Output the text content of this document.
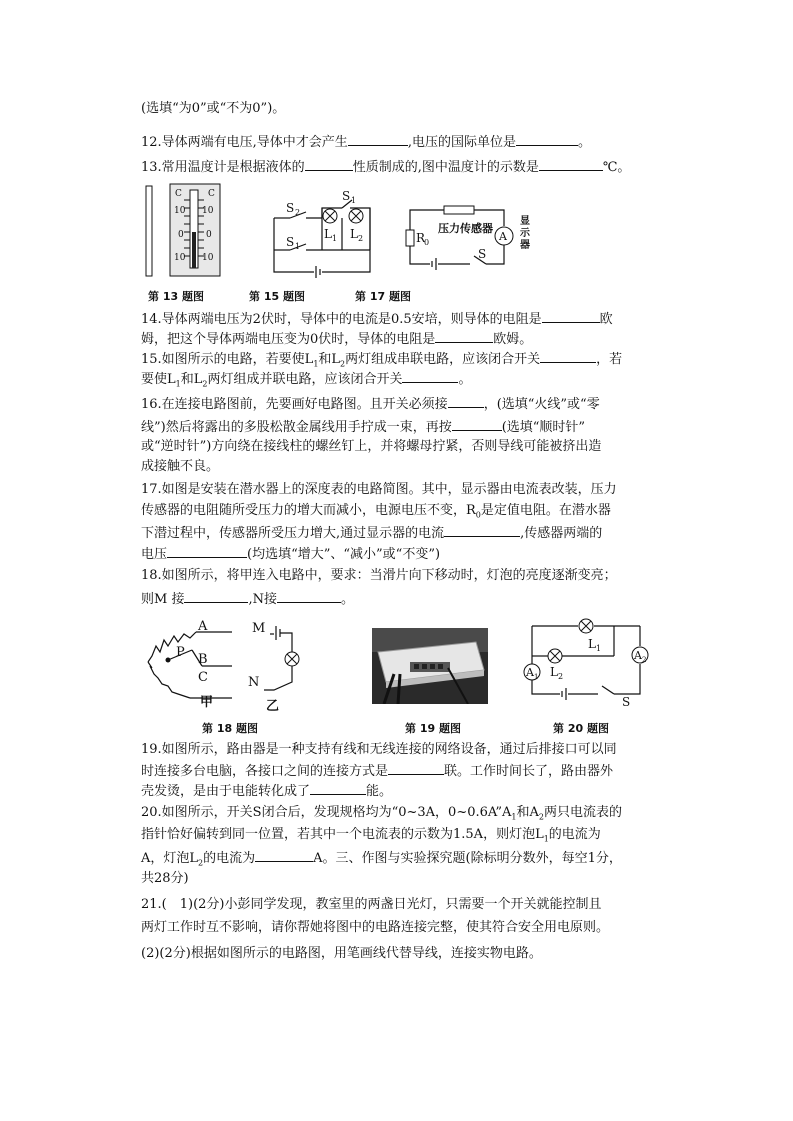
(选填“为0”或“不为0”)。
12.导体两端有电压,导体中才会产生	,电压的国际单位是	。
13.常用温度计是根据液体的	性质制成的,图中温度计的示数是	℃。
C	C
10 10
0 0
10 10
S 2
S 1
S 1
L 1 L 2
压力传感器
R
0	A
S
显
示
器
第 13 题图	第 15 题图	第 17 题图
14.导体两端电压为2伏时，导体中的电流是0.5安培，则导体的电阻是	欧
姆，把这个导体两端电压变为0伏时，导体的电阻是	欧姆。
15.如图所示的电路，若要使$L_1$和$L_2$两灯组成串联电路，应该闭合开关	，若
要使$L_1$和$L_2$两灯组成并联电路，应该闭合开关	。
16.在连接电路图前，先要画好电路图。且开关必须接	，(选填“火线”或“零
线”)然后将露出的多股松散金属线用手拧成一束，再按	(选填“顺时针”
或“逆时针”)方向绕在接线柱的螺丝钉上，并将螺母拧紧，否则导线可能被挤出造
成接触不良。
17.如图是安装在潜水器上的深度表的电路简图。其中，显示器由电流表改装，压力
传感器的电阻随所受压力的增大而减小，电源电压不变，$R_0$是定值电阻。在潜水器
下潜过程中，传感器所受压力增大,通过显示器的电流	,传感器两端的
电压	(均选填“增大”、“减小”或“不变”)
18.如图所示，将甲连入电路中，要求：当滑片向下移动时，灯泡的亮度逐渐变亮；
则M 接	,N接	。
A
P B
C
M
N
甲	乙
L 1
L 2
A 1
A 2
S
第 18 题图	第 19 题图	第 20 题图
19.如图所示，路由器是一种支持有线和无线连接的网络设备，通过后排接口可以同
时连接多台电脑，各接口之间的连接方式是	联。工作时间长了，路由器外
壳发烫，是由于电能转化成了	能。
20.如图所示，开关S闭合后，发现规格均为“0~3A，$0\sim 0.6A”A_1$和$A_2$两只电流表的
指针恰好偏转到同一位置，若其中一个电流表的示数为1.5A，则灯泡$L_1$的电流为
A，灯泡$L_2$的电流为	A。三、作图与实验探究题(除标明分数外，每空1分，
共28分)
21.(　1)(2分)小彭同学发现，教室里的两盏日光灯，只需要一个开关就能控制且
两灯工作时互不影响，请你帮她将图中的电路连接完整，使其符合安全用电原则。
(2)(2分)根据如图所示的电路图，用笔画线代替导线，连接实物电路。
